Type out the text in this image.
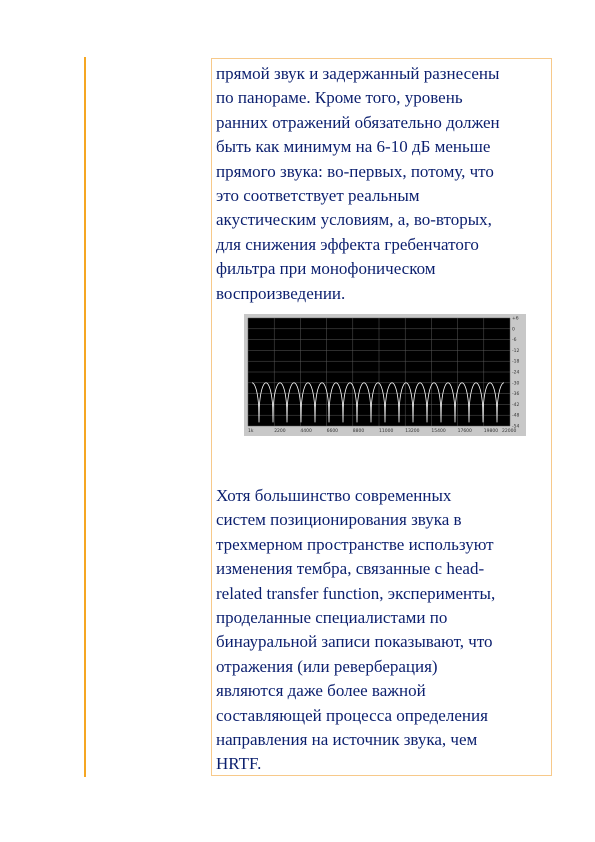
прямой звук и задержанный разнесены
по панораме. Кроме того, уровень
ранних отражений обязательно должен
быть как минимум на 6-10 дБ меньше
прямого звука: во-первых, потому, что
это соответствует реальным
акустическим условиям, а, во-вторых,
для снижения эффекта гребенчатого
фильтра при монофоническом
воспроизведении.

+6
0
-6
-12
-18
-24
-30
-36
-42
-48
-54
1k	2200	4400	6600	8800	11000	13200	15400	17600	19800 22000

Хотя большинство современных
систем позиционирования звука в
трехмерном пространстве используют
изменения тембра, связанные с head-
related transfer function, эксперименты,
проделанные специалистами по
бинауральной записи показывают, что
отражения (или реверберация)
являются даже более важной
составляющей процесса определения
направления на источник звука, чем
HRTF.
